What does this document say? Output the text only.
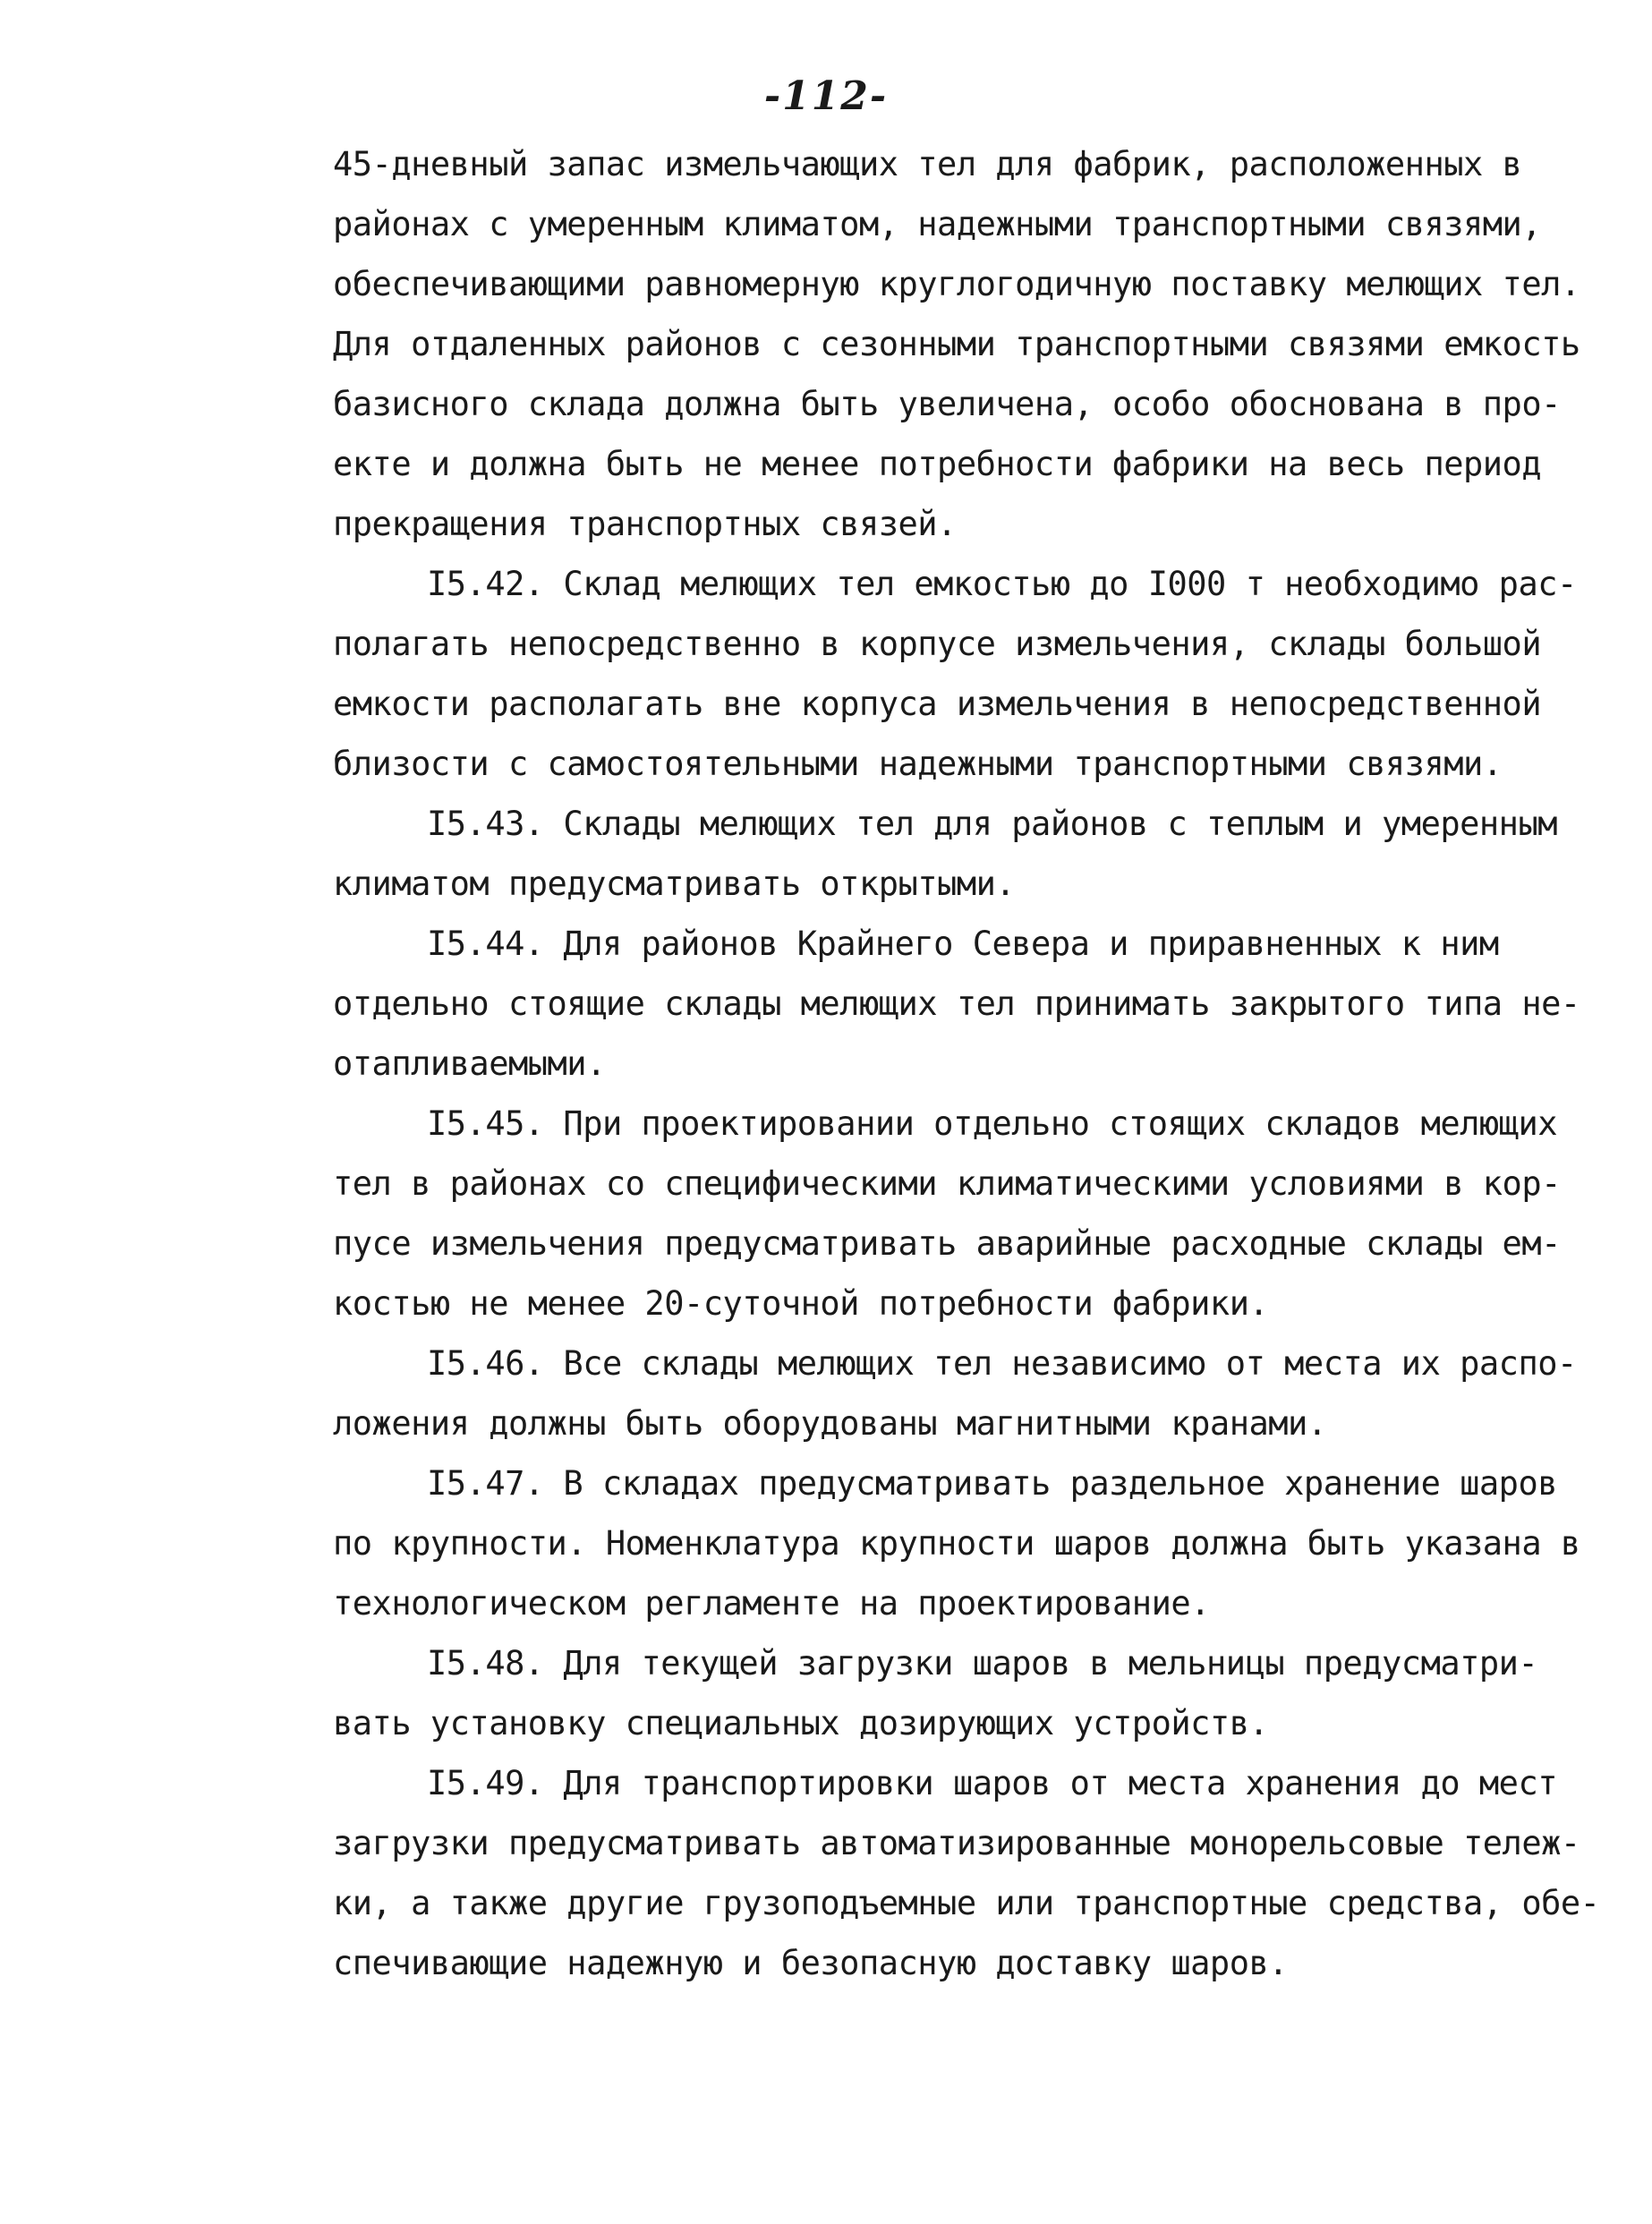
-112-
45-дневный запас измельчающих тел для фабрик, расположенных в
районах с умеренным климатом, надежными транспортными связями,
обеспечивающими равномерную круглогодичную поставку мелющих тел.
Для отдаленных районов с сезонными транспортными связями емкость
базисного склада должна быть увеличена, особо обоснована в про-
екте и должна быть не менее потребности фабрики на весь период
прекращения транспортных связей.
I5.42. Склад мелющих тел емкостью до I000 т необходимо рас-
полагать непосредственно в корпусе измельчения, склады большой
емкости располагать вне корпуса измельчения в непосредственной
близости с самостоятельными надежными транспортными связями.
I5.43. Склады мелющих тел для районов с теплым и умеренным
климатом предусматривать открытыми.
I5.44. Для районов Крайнего Севера и приравненных к ним
отдельно стоящие склады мелющих тел принимать закрытого типа не-
отапливаемыми.
I5.45. При проектировании отдельно стоящих складов мелющих
тел в районах со специфическими климатическими условиями в кор-
пусе измельчения предусматривать аварийные расходные склады ем-
костью не менее 20-суточной потребности фабрики.
I5.46. Все склады мелющих тел независимо от места их распо-
ложения должны быть оборудованы магнитными кранами.
I5.47. В складах предусматривать раздельное хранение шаров
по крупности. Номенклатура крупности шаров должна быть указана в
технологическом регламенте на проектирование.
I5.48. Для текущей загрузки шаров в мельницы предусматри-
вать установку специальных дозирующих устройств.
I5.49. Для транспортировки шаров от места хранения до мест
загрузки предусматривать автоматизированные монорельсовые тележ-
ки, а также другие грузоподъемные или транспортные средства, обе-
спечивающие надежную и безопасную доставку шаров.
